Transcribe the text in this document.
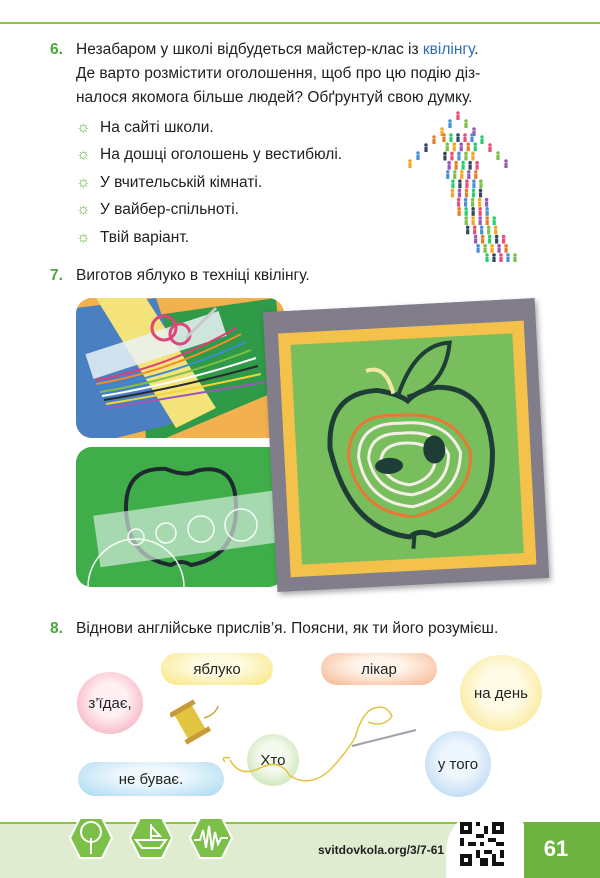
6. Незабаром у школі відбудеться майстер-клас із квілінгу.
Де варто розмістити оголошення, щоб про цю подію діз-
налося якомога більше людей? Обґрунтуй свою думку.
☼ На сайті школи.
☼ На дошці оголошень у вестибюлі.
☼ У вчительській кімнаті.
☼ У вайбер-спільноті.
☼ Твій варіант.
7. Виготов яблуко в техніці квілінгу.
8. Віднови англійське прислів’я. Поясни, як ти його розумієш.
яблуко	лікар
з’їдає,
на день
Хто
не буває.
у того
svitdovkola.org/3/7-61	61
